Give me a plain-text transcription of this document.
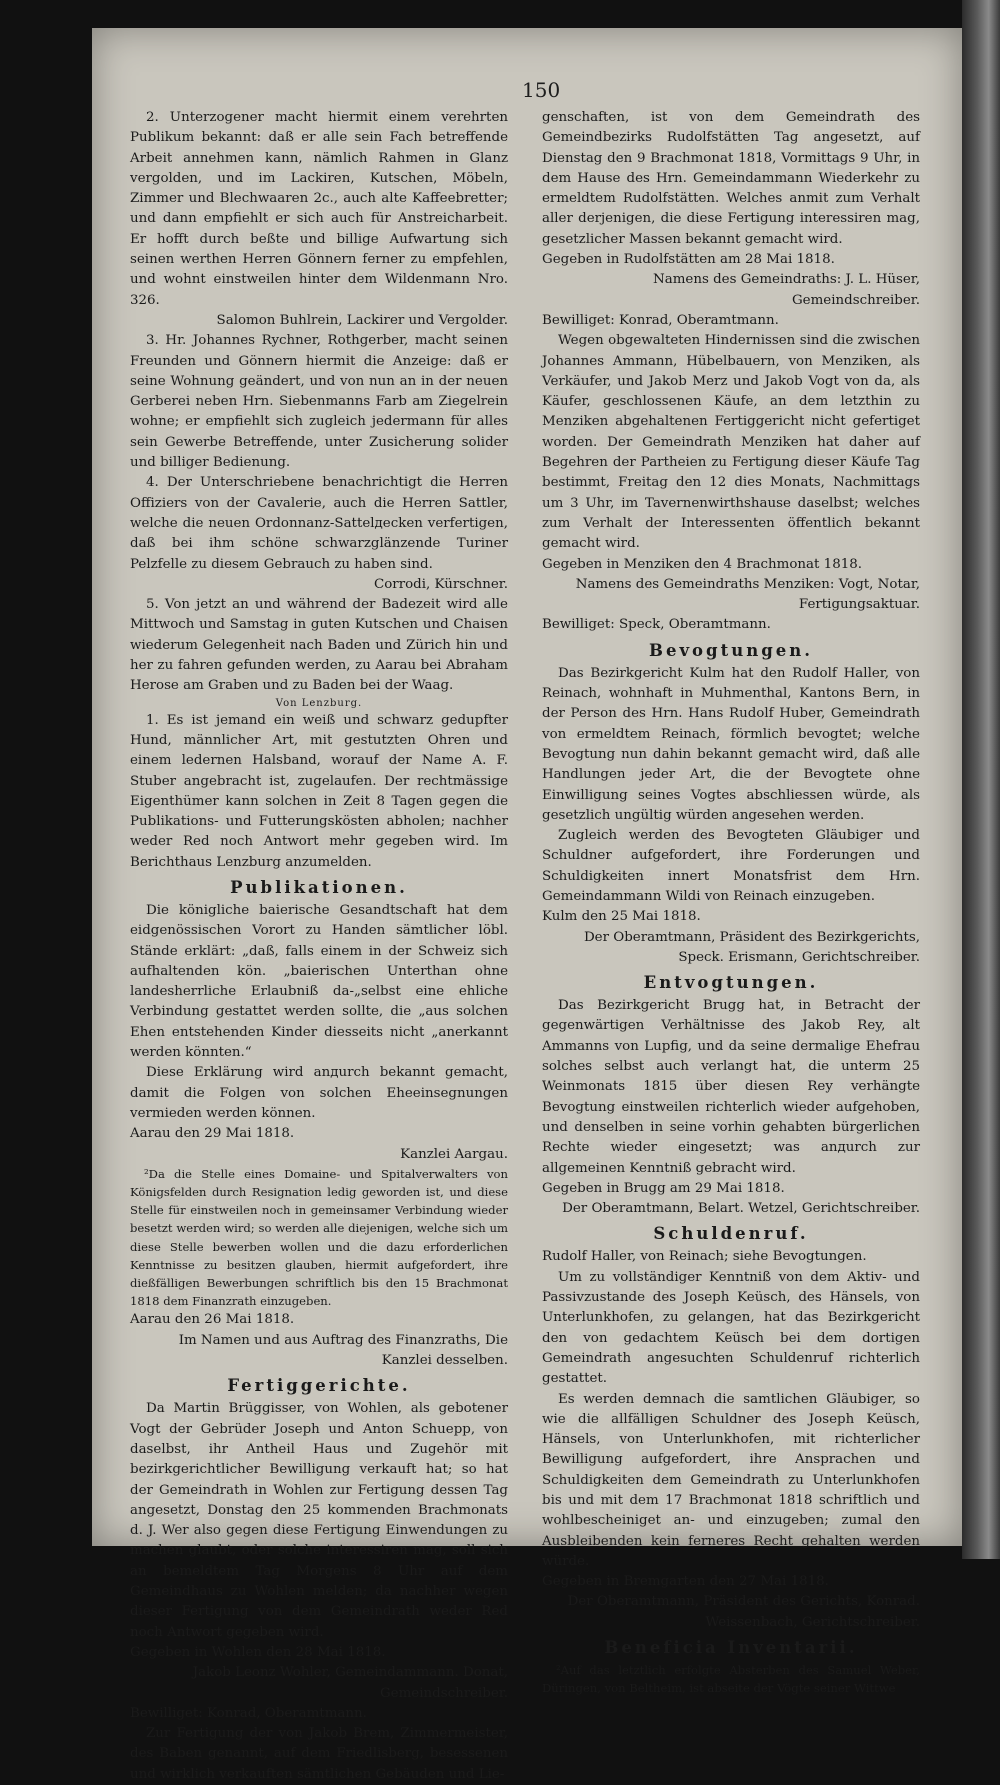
150

2. Unterzogener macht hiermit einem verehrten Publikum bekannt: daß er alle sein Fach betreffende Arbeit annehmen kann, nämlich Rahmen in Glanz vergolden, und im Lackiren, Kutschen, Möbeln, Zimmer und Blechwaaren 2c., auch alte Kaffeebretter; und dann empfiehlt er sich auch für Anstreicharbeit. Er hofft durch beßte und billige Aufwartung sich seinen werthen Herren Gönnern ferner zu empfehlen, und wohnt einstweilen hinter dem Wildenmann Nro. 326.

Salomon Buhlrein, Lackirer und Vergolder.

3. Hr. Johannes Rychner, Rothgerber, macht seinen Freunden und Gönnern hiermit die Anzeige: daß er seine Wohnung geändert, und von nun an in der neuen Gerberei neben Hrn. Siebenmanns Farb am Ziegelrein wohne; er empfiehlt sich zugleich jedermann für alles sein Gewerbe Betreffende, unter Zusicherung solider und billiger Bedienung.

4. Der Unterschriebene benachrichtigt die Herren Offiziers von der Cavalerie, auch die Herren Sattler, welche die neuen Ordonnanz-Sattelдecken verfertigen, daß bei ihm schöne schwarzglänzende Turiner Pelzfelle zu diesem Gebrauch zu haben sind.

Corrodi, Kürschner.

5. Von jetzt an und während der Badezeit wird alle Mittwoch und Samstag in guten Kutschen und Chaisen wiederum Gelegenheit nach Baden und Zürich hin und her zu fahren gefunden werden, zu Aarau bei Abraham Herose am Graben und zu Baden bei der Waag.

Von Lenzburg.

1. Es ist jemand ein weiß und schwarz gedupfter Hund, männlicher Art, mit gestutzten Ohren und einem ledernen Halsband, worauf der Name A. F. Stuber angebracht ist, zugelaufen. Der rechtmässige Eigenthümer kann solchen in Zeit 8 Tagen gegen die Publikations- und Futterungskösten abholen; nachher weder Red noch Antwort mehr gegeben wird. Im Berichthaus Lenzburg anzumelden.

Publikationen.

Die königliche baierische Gesandtschaft hat dem eidgenössischen Vorort zu Handen sämtlicher löbl. Stände erklärt: „daß, falls einem in der Schweiz sich aufhaltenden kön. „baierischen Unterthan ohne landesherrliche Erlaubniß da-„selbst eine ehliche Verbindung gestattet werden sollte, die „aus solchen Ehen entstehenden Kinder diesseits nicht „anerkannt werden könnten.“

Diese Erklärung wird anдurch bekannt gemacht, damit die Folgen von solchen Eheeinsegnungen vermieden werden können.

Aarau den 29 Mai 1818.

Kanzlei Aargau.

²Da die Stelle eines Domaine- und Spitalverwalters von Königsfelden durch Resignation ledig geworden ist, und diese Stelle für einstweilen noch in gemeinsamer Verbindung wieder besetzt werden wird; so werden alle diejenigen, welche sich um diese Stelle bewerben wollen und die dazu erforderlichen Kenntnisse zu besitzen glauben, hiermit aufgefordert, ihre dießfälligen Bewerbungen schriftlich bis den 15 Brachmonat 1818 dem Finanzrath einzugeben.

Aarau den 26 Mai 1818.

Im Namen und aus Auftrag des Finanzraths, Die Kanzlei desselben.

Fertiggerichte.

Da Martin Brüggisser, von Wohlen, als gebotener Vogt der Gebrüder Joseph und Anton Schuepp, von daselbst, ihr Antheil Haus und Zugehör mit bezirkgerichtlicher Bewilligung verkauft hat; so hat der Gemeindrath in Wohlen zur Fertigung dessen Tag angesetzt, Donstag den 25 kommenden Brachmonats d. J. Wer also gegen diese Fertigung Einwendungen zu machen glaubt, oder solche interessiren mag, soll sich an bemeldtem Tag Morgens 8 Uhr auf dem Gemeindhaus zu Wohlen melden; da nachher wegen dieser Fertigung von dem Gemeindrath weder Red noch Antwort gegeben wird.

Gegeben in Wohlen den 28 Mai 1818.

Jakob Leonz Wohler, Gemeindammann. Donat, Gemeindschreiber.

Bewilliget: Konrad, Oberamtmann.

Zur Fertigung der von Jakob Brem, Zimmermeister, des Baben genannt, auf dem Friedlisberg, besessenen und wirklich verkauften sämtlichen Gebäuden und Lie-

genschaften, ist von dem Gemeindrath des Gemeindbezirks Rudolfstätten Tag angesetzt, auf Dienstag den 9 Brachmonat 1818, Vormittags 9 Uhr, in dem Hause des Hrn. Gemeindammann Wiederkehr zu ermeldtem Rudolfstätten. Welches anmit zum Verhalt aller derjenigen, die diese Fertigung interessiren mag, gesetzlicher Massen bekannt gemacht wird.

Gegeben in Rudolfstätten am 28 Mai 1818.

Namens des Gemeindraths: J. L. Hüser, Gemeindschreiber.

Bewilliget: Konrad, Oberamtmann.

Wegen obgewalteten Hindernissen sind die zwischen Johannes Ammann, Hübelbauern, von Menziken, als Verkäufer, und Jakob Merz und Jakob Vogt von da, als Käufer, geschlossenen Käufe, an dem letzthin zu Menziken abgehaltenen Fertiggericht nicht gefertiget worden. Der Gemeindrath Menziken hat daher auf Begehren der Partheien zu Fertigung dieser Käufe Tag bestimmt, Freitag den 12 dies Monats, Nachmittags um 3 Uhr, im Tavernenwirthshause daselbst; welches zum Verhalt der Interessenten öffentlich bekannt gemacht wird.

Gegeben in Menziken den 4 Brachmonat 1818.

Namens des Gemeindraths Menziken: Vogt, Notar, Fertigungsaktuar.

Bewilliget: Speck, Oberamtmann.

Bevogtungen.

Das Bezirkgericht Kulm hat den Rudolf Haller, von Reinach, wohnhaft in Muhmenthal, Kantons Bern, in der Person des Hrn. Hans Rudolf Huber, Gemeindrath von ermeldtem Reinach, förmlich bevogtet; welche Bevogtung nun dahin bekannt gemacht wird, daß alle Handlungen jeder Art, die der Bevogtete ohne Einwilligung seines Vogtes abschliessen würde, als gesetzlich ungültig würden angesehen werden.

Zugleich werden des Bevogteten Gläubiger und Schuldner aufgefordert, ihre Forderungen und Schuldigkeiten innert Monatsfrist dem Hrn. Gemeindammann Wildi von Reinach einzugeben.

Kulm den 25 Mai 1818.

Der Oberamtmann, Präsident des Bezirkgerichts, Speck. Erismann, Gerichtschreiber.

Entvogtungen.

Das Bezirkgericht Brugg hat, in Betracht der gegenwärtigen Verhältnisse des Jakob Rey, alt Ammanns von Lupfig, und da seine dermalige Ehefrau solches selbst auch verlangt hat, die unterm 25 Weinmonats 1815 über diesen Rey verhängte Bevogtung einstweilen richterlich wieder aufgehoben, und denselben in seine vorhin gehabten bürgerlichen Rechte wieder eingesetzt; was anдurch zur allgemeinen Kenntniß gebracht wird.

Gegeben in Brugg am 29 Mai 1818.

Der Oberamtmann, Belart. Wetzel, Gerichtschreiber.

Schuldenruf.

Rudolf Haller, von Reinach; siehe Bevogtungen.

Um zu vollständiger Kenntniß von dem Aktiv- und Passivzustande des Joseph Keüsch, des Hänsels, von Unterlunkhofen, zu gelangen, hat das Bezirkgericht den von gedachtem Keüsch bei dem dortigen Gemeindrath angesuchten Schuldenruf richterlich gestattet.

Es werden demnach die samtlichen Gläubiger, so wie die allfälligen Schuldner des Joseph Keüsch, Hänsels, von Unterlunkhofen, mit richterlicher Bewilligung aufgefordert, ihre Ansprachen und Schuldigkeiten dem Gemeindrath zu Unterlunkhofen bis und mit dem 17 Brachmonat 1818 schriftlich und wohlbescheiniget an- und einzugeben; zumal den Ausbleibenden kein ferneres Recht gehalten werden würde.

Gegeben in Bremgarten den 27 Mai 1818.

Der Oberamtmann, Präsident des Gerichts, Konrad. Weissenbach, Gerichtschreiber.

Beneficia Inventarii.

²Auf das letztlich erfolgte Absterben des Samuel Weber, Düringen, von Beltheim, ist abseite der Vögte seiner Wittwe
